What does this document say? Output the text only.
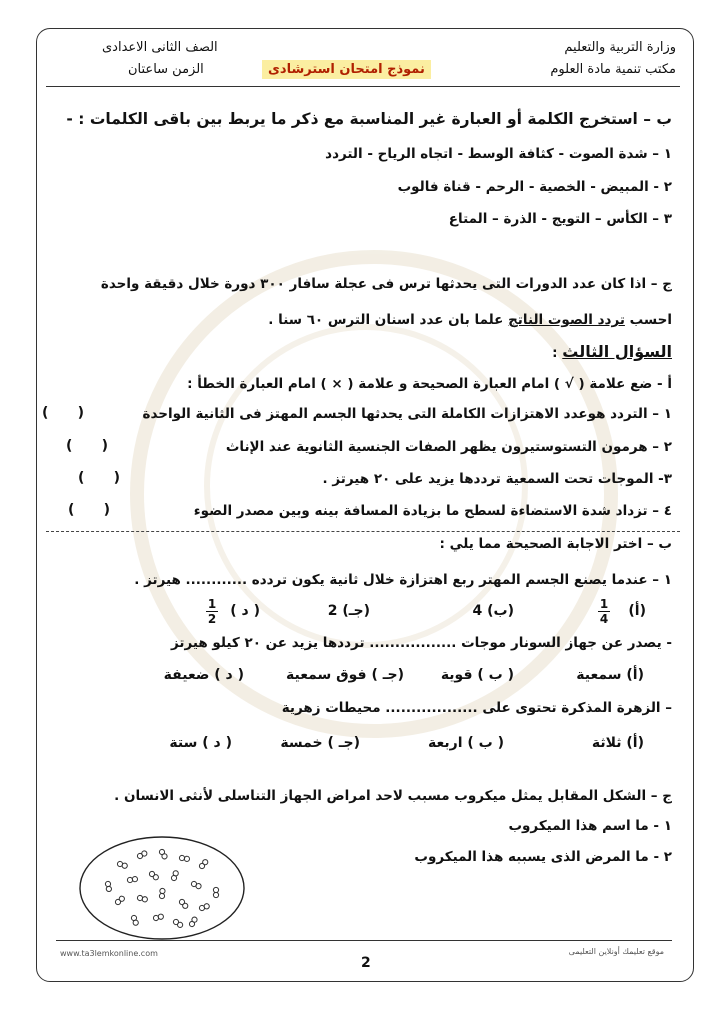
وزارة التربية والتعليم
مكتب تنمية مادة العلوم
الصف الثانى الاعدادى
الزمن ساعتان	نموذج امتحان استرشادى
ب – استخرج الكلمة أو العبارة غير المناسبة مع ذكر ما يربط بين باقى الكلمات : -
١ – شدة الصوت - كثافة الوسط - اتجاه الرياح - التردد
٢ - المبيض - الخصية - الرحم - قناة فالوب
٣ – الكأس – التويج - الذرة – المتاع
ج – اذا كان عدد الدورات التى يحدثها ترس فى عجلة سافار ٣٠٠ دورة خلال دقيقة واحدة
احسب تردد الصوت الناتج علما بان عدد اسنان الترس ٦٠ سنا .
السؤال الثالث :
أ - ضع علامة ( √ ) امام العبارة الصحيحة و علامة ( × ) امام العبارة الخطأ :
١ – التردد هوعدد الاهتزازات الكاملة التى يحدثها الجسم المهتز فى الثانية الواحدة
(      )
٢ – هرمون التستوستيرون يظهر الصفات الجنسية الثانوية عند الإناث
(      )
٣- الموجات تحت السمعية ترددها يزيد على ٢٠ هيرتز .
(      )
٤ – تزداد شدة الاستضاءة لسطح ما بزيادة المسافة بينه وبين مصدر الضوء
(      )
ب – اختر الاجابة الصحيحة مما يلي :
١ – عندما يصنع الجسم المهتر ربع اهتزازة خلال ثانية يكون تردده ............ هيرتز .
(أ)
1
4
(ب) 4
(جـ) 2
( د )
1
2
- يصدر عن جهاز السونار موجات ................. ترددها يزيد عن ٢٠ كيلو هيرتز
(أ) سمعية
( ب ) قوية
(جـ ) فوق سمعية
( د ) ضعيفة
– الزهرة المذكرة تحتوى على .................. محيطات زهرية
(أ) ثلاثة
( ب ) اربعة
(جـ ) خمسة
( د ) ستة
ج – الشكل المقابل يمثل ميكروب مسبب لاحد امراض الجهاز التناسلى لأنثى الانسان .
١ - ما اسم هذا الميكروب
٢ - ما المرض الذى يسببه هذا الميكروب
www.ta3lemkonline.com	موقع تعليمك أونلاين التعليمى
2
